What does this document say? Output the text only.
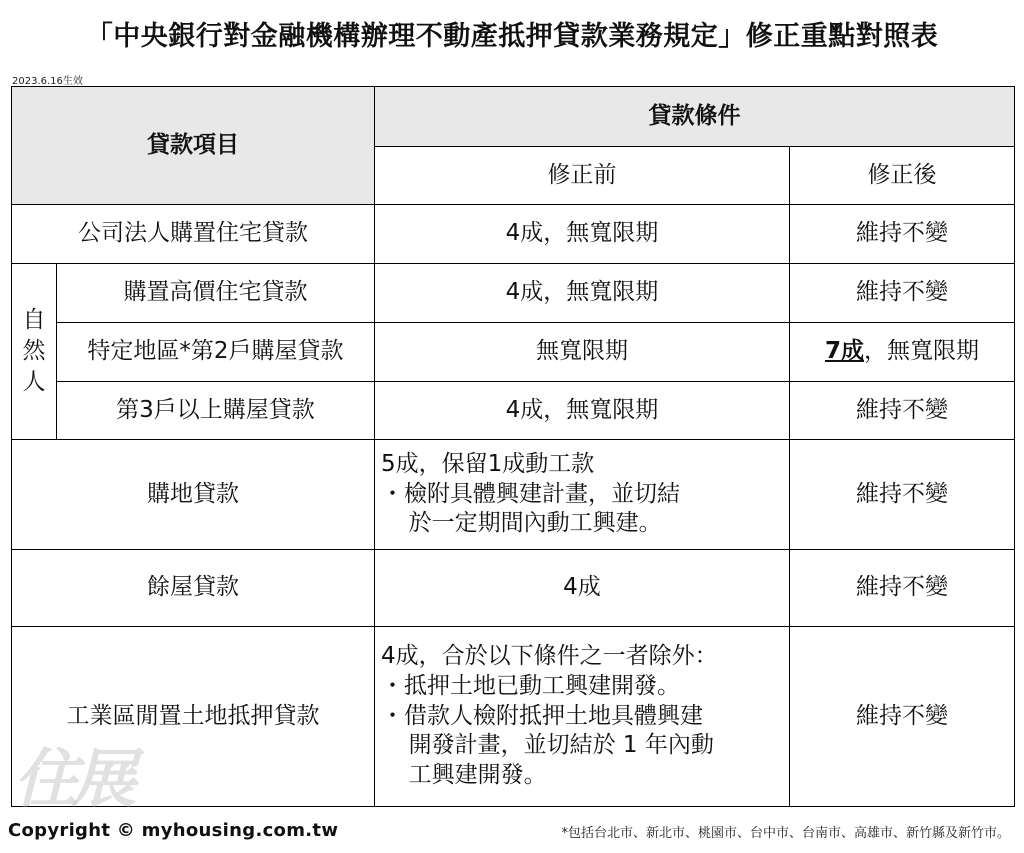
「中央銀行對金融機構辦理不動產抵押貸款業務規定」修正重點對照表
2023.6.16生效
貸款項目		貸款條件	
		修正前	修正後
公司法人購置住宅貸款		4成，無寬限期	維持不變
自然人	購置高價住宅貸款	4成，無寬限期	維持不變
	特定地區*第2戶購屋貸款	無寬限期	7成，無寬限期
	第3戶以上購屋貸款	4成，無寬限期	維持不變
購地貸款		5成，保留1成動工款
・檢附具體興建計畫，並切結
於一定期間內動工興建。	維持不變
餘屋貸款		4成	維持不變
工業區閒置土地抵押貸款		4成，合於以下條件之一者除外：
・抵押土地已動工興建開發。
・借款人檢附抵押土地具體興建
開發計畫，並切結於 1 年內動
工興建開發。	維持不變
住展
Copyright © myhousing.com.tw	*包括台北市、新北市、桃園市、台中市、台南市、高雄市、新竹縣及新竹市。
